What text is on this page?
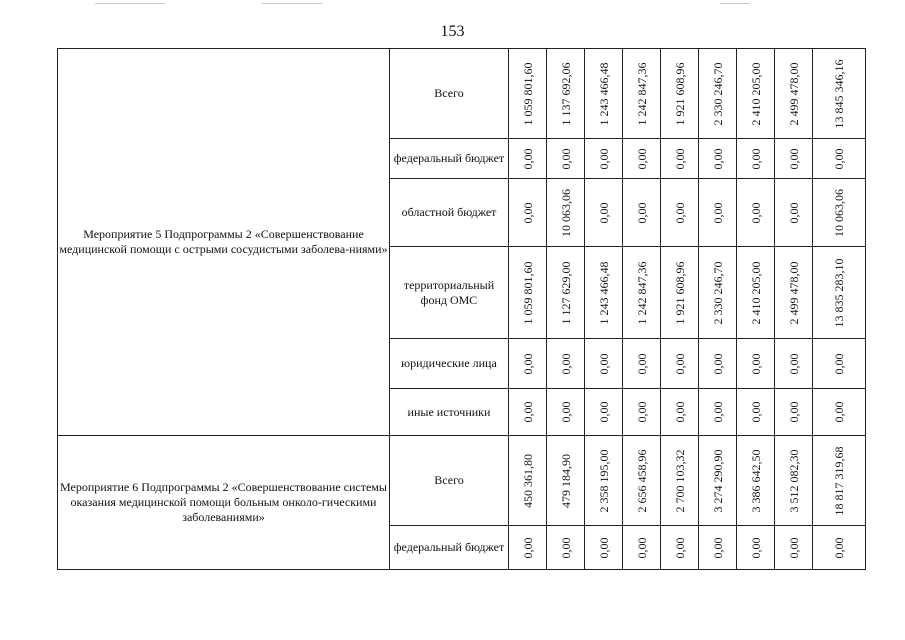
153
Мероприятие 5 Подпрограммы 2 «Совершенствование медицинской помощи с острыми сосудистыми заболева-ниями»	Всего	1 059 801,60	1 137 692,06	1 243 466,48	1 242 847,36	1 921 608,96	2 330 246,70	2 410 205,00	2 499 478,00	13 845 346,16

	федеральный бюджет	0,00	0,00	0,00	0,00	0,00	0,00	0,00	0,00	0,00

	областной бюджет	0,00	10 063,06	0,00	0,00	0,00	0,00	0,00	0,00	10 063,06

	территориальный фонд ОМС	1 059 801,60	1 127 629,00	1 243 466,48	1 242 847,36	1 921 608,96	2 330 246,70	2 410 205,00	2 499 478,00	13 835 283,10

	юридические лица	0,00	0,00	0,00	0,00	0,00	0,00	0,00	0,00	0,00

	иные источники	0,00	0,00	0,00	0,00	0,00	0,00	0,00	0,00	0,00

Мероприятие 6 Подпрограммы 2 «Совершенствование системы оказания медицинской помощи больным онколо-гическими заболеваниями»	Всего	450 361,80	479 184,90	2 358 195,00	2 656 458,96	2 700 103,32	3 274 290,90	3 386 642,50	3 512 082,30	18 817 319,68

	федеральный бюджет	0,00	0,00	0,00	0,00	0,00	0,00	0,00	0,00	0,00
